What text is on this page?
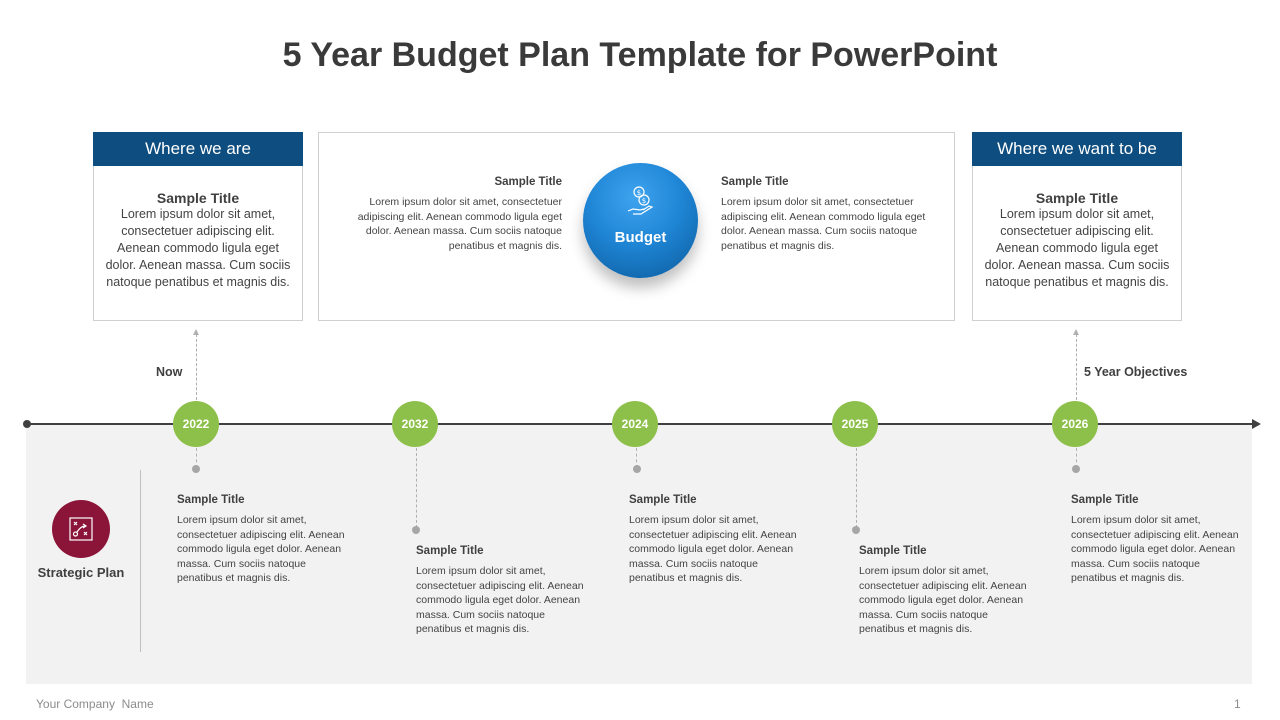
5 Year Budget Plan Template for PowerPoint
Where we are
Sample Title
Lorem ipsum dolor sit amet, consectetuer adipiscing elit. Aenean commodo ligula eget dolor. Aenean massa. Cum sociis natoque penatibus et magnis dis.
Where we want to be
Sample Title
Lorem ipsum dolor sit amet, consectetuer adipiscing elit. Aenean commodo ligula eget dolor. Aenean massa. Cum sociis natoque penatibus et magnis dis.
Sample Title
Lorem ipsum dolor sit amet, consectetuer adipiscing elit. Aenean commodo ligula eget dolor. Aenean massa. Cum sociis natoque penatibus et magnis dis.
Sample Title
Lorem ipsum dolor sit amet, consectetuer adipiscing elit. Aenean commodo ligula eget dolor. Aenean massa. Cum sociis natoque penatibus et magnis dis.
$
$
Budget
Now	5 Year Objectives
2022
Sample Title
Lorem ipsum dolor sit amet, consectetuer adipiscing elit. Aenean commodo ligula eget dolor. Aenean massa. Cum sociis natoque penatibus et magnis dis.
2032
Sample Title
Lorem ipsum dolor sit amet, consectetuer adipiscing elit. Aenean commodo ligula eget dolor. Aenean massa. Cum sociis natoque penatibus et magnis dis.
2024
Sample Title
Lorem ipsum dolor sit amet, consectetuer adipiscing elit. Aenean commodo ligula eget dolor. Aenean massa. Cum sociis natoque penatibus et magnis dis.
2025
Sample Title
Lorem ipsum dolor sit amet, consectetuer adipiscing elit. Aenean commodo ligula eget dolor. Aenean massa. Cum sociis natoque penatibus et magnis dis.
2026
Sample Title
Lorem ipsum dolor sit amet, consectetuer adipiscing elit. Aenean commodo ligula eget dolor. Aenean massa. Cum sociis natoque penatibus et magnis dis.
Strategic Plan
Your Company  Name	1
